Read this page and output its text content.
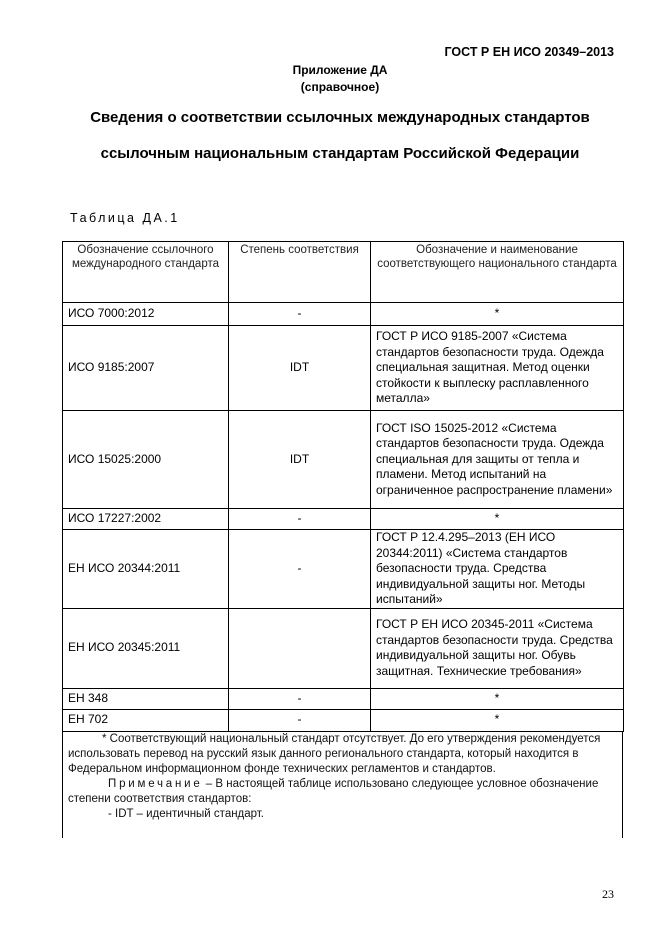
ГОСТ Р ЕН ИСО 20349–2013
Приложение ДА
(справочное)
Сведения о соответствии ссылочных международных стандартов
ссылочным национальным стандартам Российской Федерации
Таблица ДА.1
Обозначение ссылочного международного стандарта	Степень соответствия	Обозначение и наименование соответствующего национального стандарта
ИСО 7000:2012	-	*
ИСО 9185:2007	IDT	ГОСТ Р ИСО 9185-2007 «Система стандартов безопасности труда. Одежда специальная защитная. Метод оценки стойкости к выплеску расплавленного металла»
ИСО 15025:2000	IDT	ГОСТ ISO 15025-2012 «Система стандартов безопасности труда. Одежда специальная для защиты от тепла и пламени. Метод испытаний на ограниченное распространение пламени»
ИСО 17227:2002	-	*
ЕН ИСО 20344:2011	-	ГОСТ Р 12.4.295–2013 (ЕН ИСО 20344:2011) «Система стандартов безопасности труда. Средства индивидуальной защиты ног. Методы испытаний»
ЕН ИСО 20345:2011		ГОСТ Р ЕН ИСО 20345-2011 «Система стандартов безопасности труда. Средства индивидуальной защиты ног. Обувь защитная. Технические требования»
ЕН 348	-	*
ЕН 702	-	*
* Соответствующий национальный стандарт отсутствует. До его утверждения рекомендуется использовать перевод на русский язык данного регионального стандарта, который находится в Федеральном информационном фонде технических регламентов и стандартов.
Примечание – В настоящей таблице использовано следующее условное обозначение степени соответствия стандартов:
- IDT – идентичный стандарт.
23
